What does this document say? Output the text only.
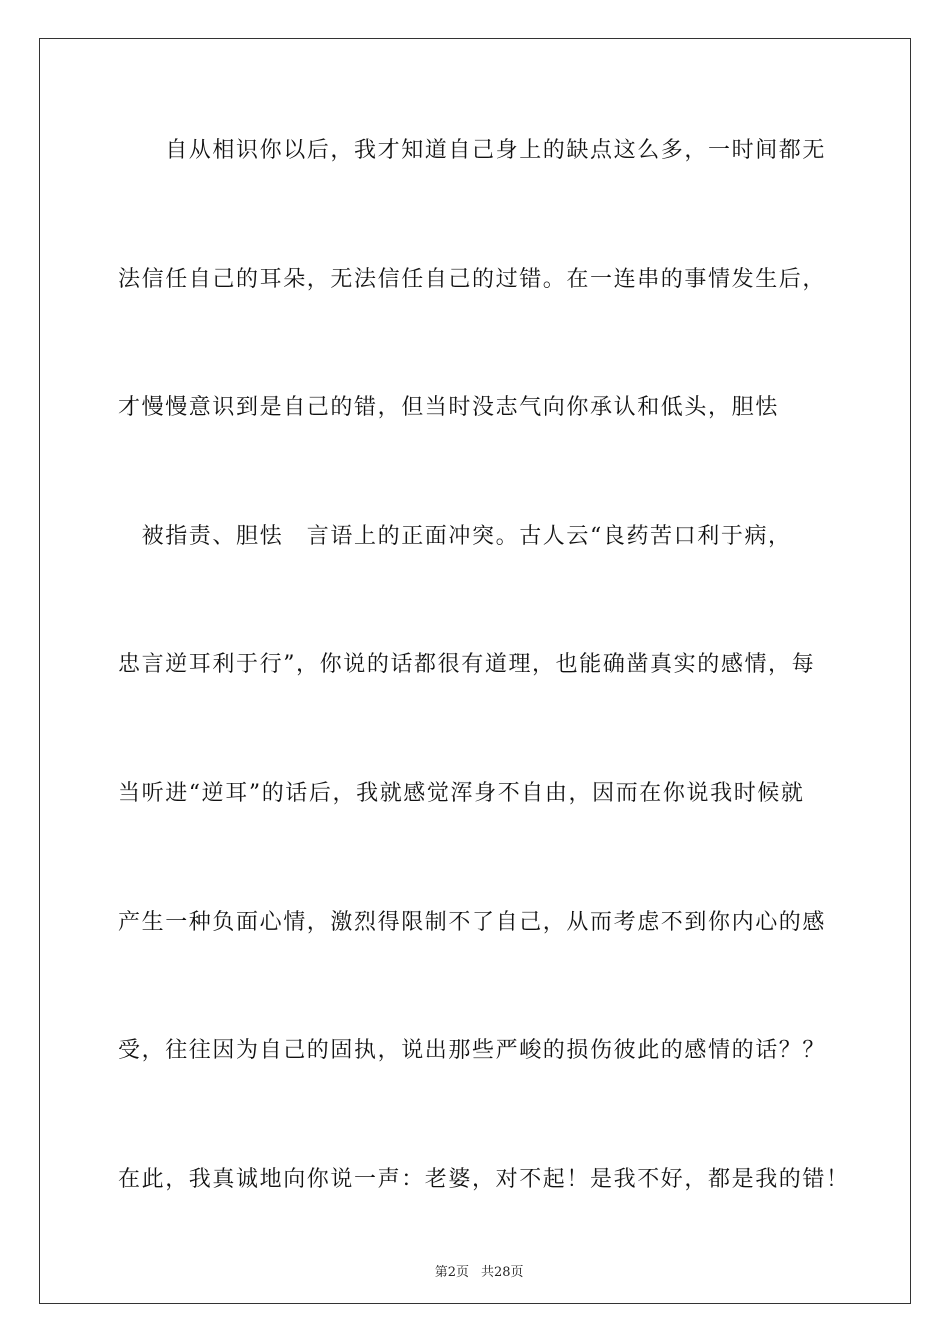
　　自从相识你以后，我才知道自己身上的缺点这么多，一时间都无
法信任自己的耳朵，无法信任自己的过错。在一连串的事情发生后，
才慢慢意识到是自己的错，但当时没志气向你承认和低头，胆怯
　被指责、胆怯　言语上的正面冲突。古人云“良药苦口利于病，
忠言逆耳利于行”，你说的话都很有道理，也能确凿真实的感情，每
当听进“逆耳”的话后，我就感觉浑身不自由，因而在你说我时候就
产生一种负面心情，激烈得限制不了自己，从而考虑不到你内心的感
受，往往因为自己的固执，说出那些严峻的损伤彼此的感情的话？？
在此，我真诚地向你说一声：老婆，对不起！是我不好，都是我的错！

第2页 共28页
